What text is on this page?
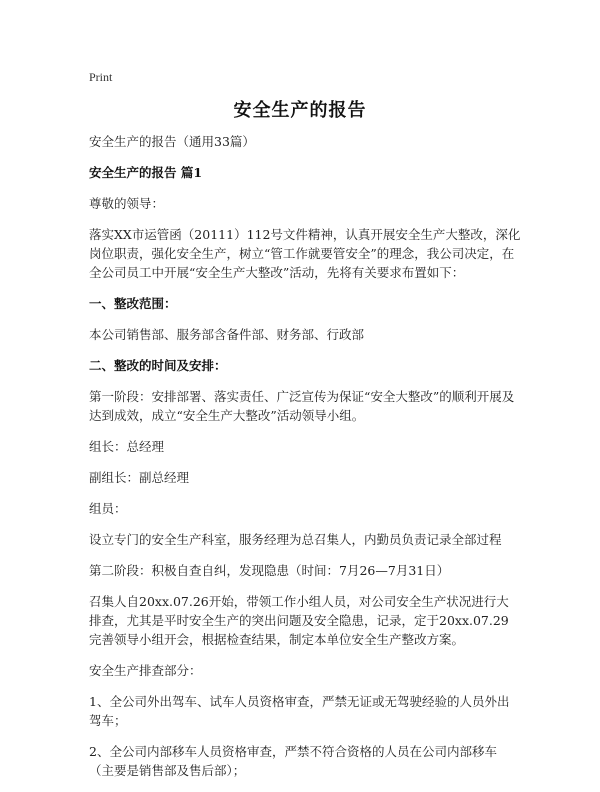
Print
安全生产的报告

安全生产的报告（通用33篇）

安全生产的报告 篇1

尊敬的领导：

落实XX市运管函（20111）112号文件精神，认真开展安全生产大整改，深化岗位职责，强化安全生产，树立“管工作就要管安全”的理念，我公司决定，在全公司员工中开展“安全生产大整改”活动，先将有关要求布置如下：

一、整改范围：

本公司销售部、服务部含备件部、财务部、行政部

二、整改的时间及安排：

第一阶段：安排部署、落实责任、广泛宣传为保证“安全大整改”的顺利开展及达到成效，成立“安全生产大整改”活动领导小组。

组长：总经理

副组长：副总经理

组员：

设立专门的安全生产科室，服务经理为总召集人，内勤员负责记录全部过程

第二阶段：积极自查自纠，发现隐患（时间：7月26—7月31日）

召集人自20xx.07.26开始，带领工作小组人员，对公司安全生产状况进行大排查，尤其是平时安全生产的突出问题及安全隐患，记录，定于20xx.07.29完善领导小组开会，根据检查结果，制定本单位安全生产整改方案。

安全生产排查部分：

1、全公司外出驾车、试车人员资格审查，严禁无证或无驾驶经验的人员外出驾车；

2、全公司内部移车人员资格审查，严禁不符合资格的人员在公司内部移车（主要是销售部及售后部）；
